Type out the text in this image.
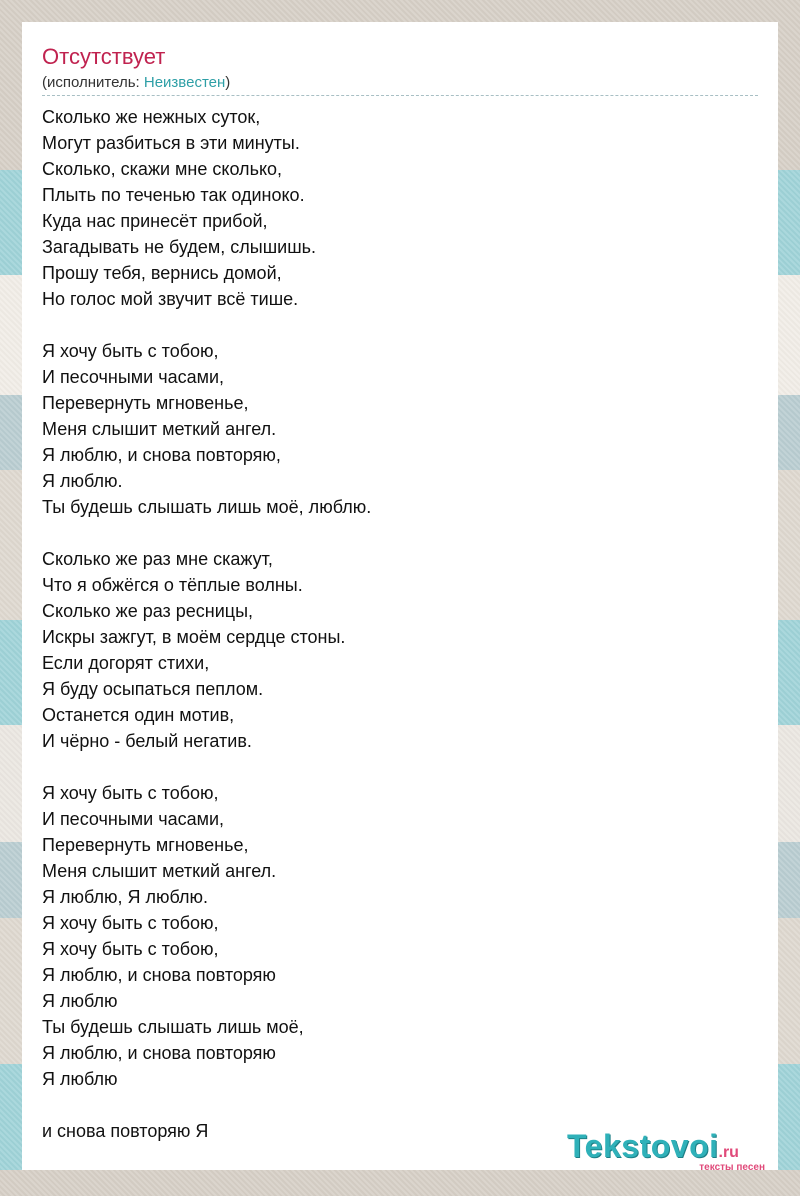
Отсутствует
(исполнитель: Неизвестен)
Сколько же нежных суток,
Могут разбиться в эти минуты.
Сколько, скажи мне сколько,
Плыть по теченью так одиноко.
Куда нас принесёт прибой,
Загадывать не будем, слышишь.
Прошу тебя, вернись домой,
Но голос мой звучит всё тише.
Я хочу быть с тобою,
И песочными часами,
Перевернуть мгновенье,
Меня слышит меткий ангел.
Я люблю, и снова повторяю,
Я люблю.
Ты будешь слышать лишь моё, люблю.
Сколько же раз мне скажут,
Что я обжёгся о тёплые волны.
Сколько же раз ресницы,
Искры зажгут, в моём сердце стоны.
Если догорят стихи,
Я буду осыпаться пеплом.
Останется один мотив,
И чёрно - белый негатив.
Я хочу быть с тобою,
И песочными часами,
Перевернуть мгновенье,
Меня слышит меткий ангел.
Я люблю, Я люблю.
Я хочу быть с тобою,
Я хочу быть с тобою,
Я люблю, и снова повторяю
Я люблю
Ты будешь слышать лишь моё,
Я люблю, и снова повторяю
Я люблю
и снова повторяю Я	Tekstovoi.ru
тексты песен
